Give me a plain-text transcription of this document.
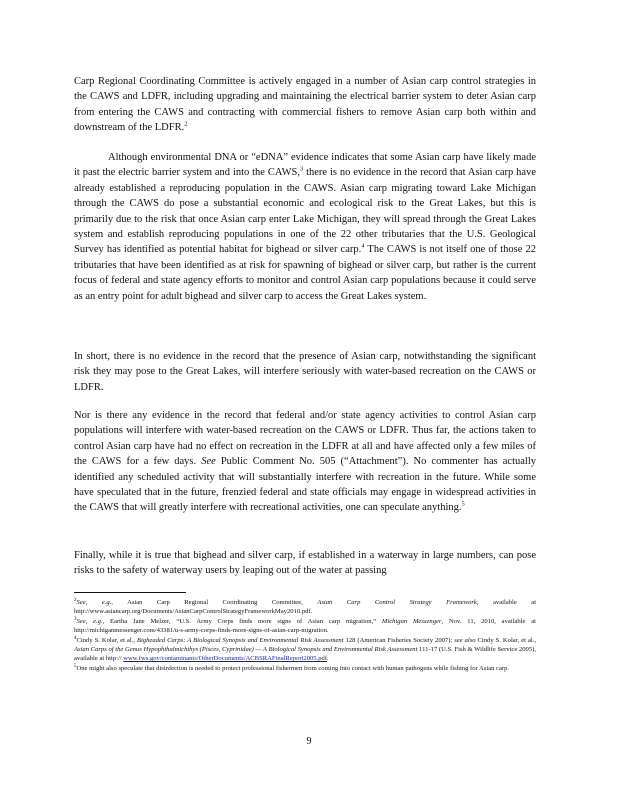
Carp Regional Coordinating Committee is actively engaged in a number of Asian carp control strategies in the CAWS and LDFR, including upgrading and maintaining the electrical barrier system to deter Asian carp from entering the CAWS and contracting with commercial fishers to remove Asian carp both within and downstream of the LDFR.$^2$

Although environmental DNA or “eDNA” evidence indicates that some Asian carp have likely made it past the electric barrier system and into the CAWS,$^3$ there is no evidence in the record that Asian carp have already established a reproducing population in the CAWS. Asian carp migrating toward Lake Michigan through the CAWS do pose a substantial economic and ecological risk to the Great Lakes, but this is primarily due to the risk that once Asian carp enter Lake Michigan, they will spread through the Great Lakes system and establish reproducing populations in one of the 22 other tributaries that the U.S. Geological Survey has identified as potential habitat for bighead or silver carp.$^4$ The CAWS is not itself one of those 22 tributaries that have been identified as at risk for spawning of bighead or silver carp, but rather is the current focus of federal and state agency efforts to monitor and control Asian carp populations because it could serve as an entry point for adult bighead and silver carp to access the Great Lakes system.

In short, there is no evidence in the record that the presence of Asian carp, notwithstanding the significant risk they may pose to the Great Lakes, will interfere seriously with water-based recreation on the CAWS or LDFR.

Nor is there any evidence in the record that federal and/or state agency activities to control Asian carp populations will interfere with water-based recreation on the CAWS or LDFR. Thus far, the actions taken to control Asian carp have had no effect on recreation in the LDFR at all and have affected only a few miles of the CAWS for a few days. See Public Comment No. 505 (“Attachment”). No commenter has actually identified any scheduled activity that will substantially interfere with recreation in the future. While some have speculated that in the future, frenzied federal and state officials may engage in widespread activities in the CAWS that will greatly interfere with recreational activities, one can speculate anything.$^5$

Finally, while it is true that bighead and silver carp, if established in a waterway in large numbers, can pose risks to the safety of waterway users by leaping out of the water at passing

$^2$See, e.g., Asian Carp Regional Coordinating Committee, Asian Carp Control Strategy Framework, available at http://www.asiancarp.org/Documents/AsianCarpControlStrategyFrameworkMay2010.pdf.

$^3$See, e.g., Eartha Jane Melzer, “U.S. Army Corps finds more signs of Asian carp migration,” Michigan Messenger, Nov. 11, 2010, available at http://michiganmessenger.com/43381/u-s-army-corps-finds-more-signs-of-asian-carp-migration.

$^4$Cindy S. Kolar, et al., Bigheaded Carps: A Biological Synopsis and Environmental Risk Assessment 128 (American Fisheries Society 2007); see also Cindy S. Kolar, et al., Asian Carps of the Genus Hypophthalmichthys (Pisces, Cyprinidae) — A Biological Synopsis and Environmental Risk Assessment 111-17 (U.S. Fish & Wildlife Service 2005), available at http:// www.fws.gov/contaminants/OtherDocuments/ACBSRAFinalReport2005.pdf.

$^5$One might also speculate that disinfection is needed to protect professional fishermen from coming into contact with human pathogens while fishing for Asian carp.

9
